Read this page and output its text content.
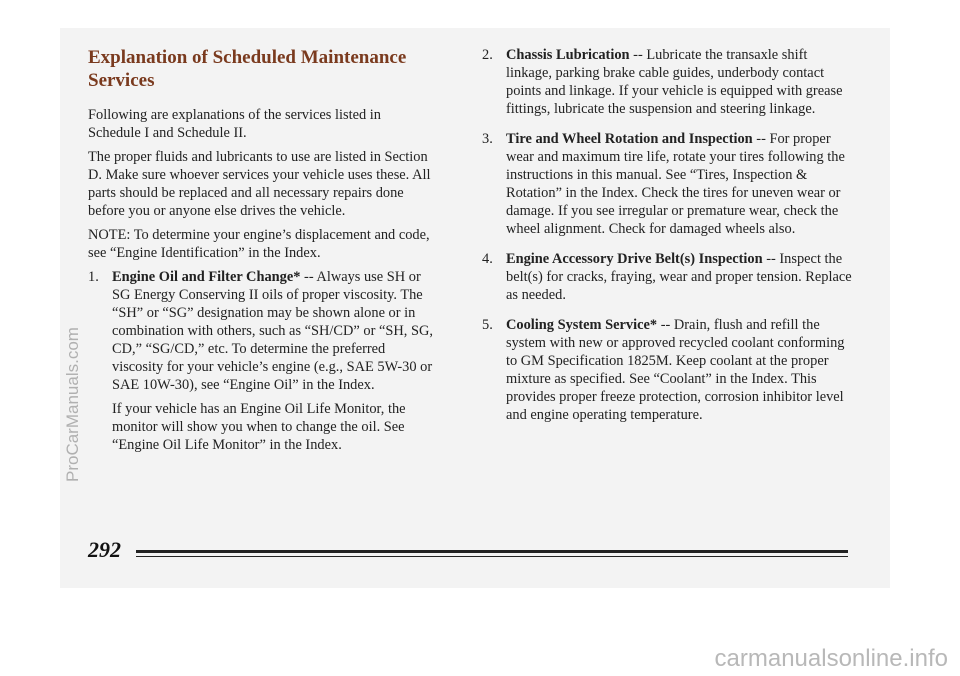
Explanation of Scheduled Maintenance Services

Following are explanations of the services listed in Schedule I and Schedule II.

The proper fluids and lubricants to use are listed in Section D. Make sure whoever services your vehicle uses these. All parts should be replaced and all necessary repairs done before you or anyone else drives the vehicle.

NOTE: To determine your engine’s displacement and code, see “Engine Identification” in the Index.

1. Engine Oil and Filter Change* -- Always use SH or SG Energy Conserving II oils of proper viscosity. The “SH” or “SG” designation may be shown alone or in combination with others, such as “SH/CD” or “SH, SG, CD,” “SG/CD,” etc. To determine the preferred viscosity for your vehicle’s engine (e.g., SAE 5W-30 or SAE 10W-30), see “Engine Oil” in the Index.

If your vehicle has an Engine Oil Life Monitor, the monitor will show you when to change the oil. See “Engine Oil Life Monitor” in the Index.

2. Chassis Lubrication -- Lubricate the transaxle shift linkage, parking brake cable guides, underbody contact points and linkage. If your vehicle is equipped with grease fittings, lubricate the suspension and steering linkage.

3. Tire and Wheel Rotation and Inspection -- For proper wear and maximum tire life, rotate your tires following the instructions in this manual. See “Tires, Inspection & Rotation” in the Index. Check the tires for uneven wear or damage. If you see irregular or premature wear, check the wheel alignment. Check for damaged wheels also.

4. Engine Accessory Drive Belt(s) Inspection -- Inspect the belt(s) for cracks, fraying, wear and proper tension. Replace as needed.

5. Cooling System Service* -- Drain, flush and refill the system with new or approved recycled coolant conforming to GM Specification 1825M. Keep coolant at the proper mixture as specified. See “Coolant” in the Index. This provides proper freeze protection, corrosion inhibitor level and engine operating temperature.

292
ProCarManuals.com
carmanualsonline.info
